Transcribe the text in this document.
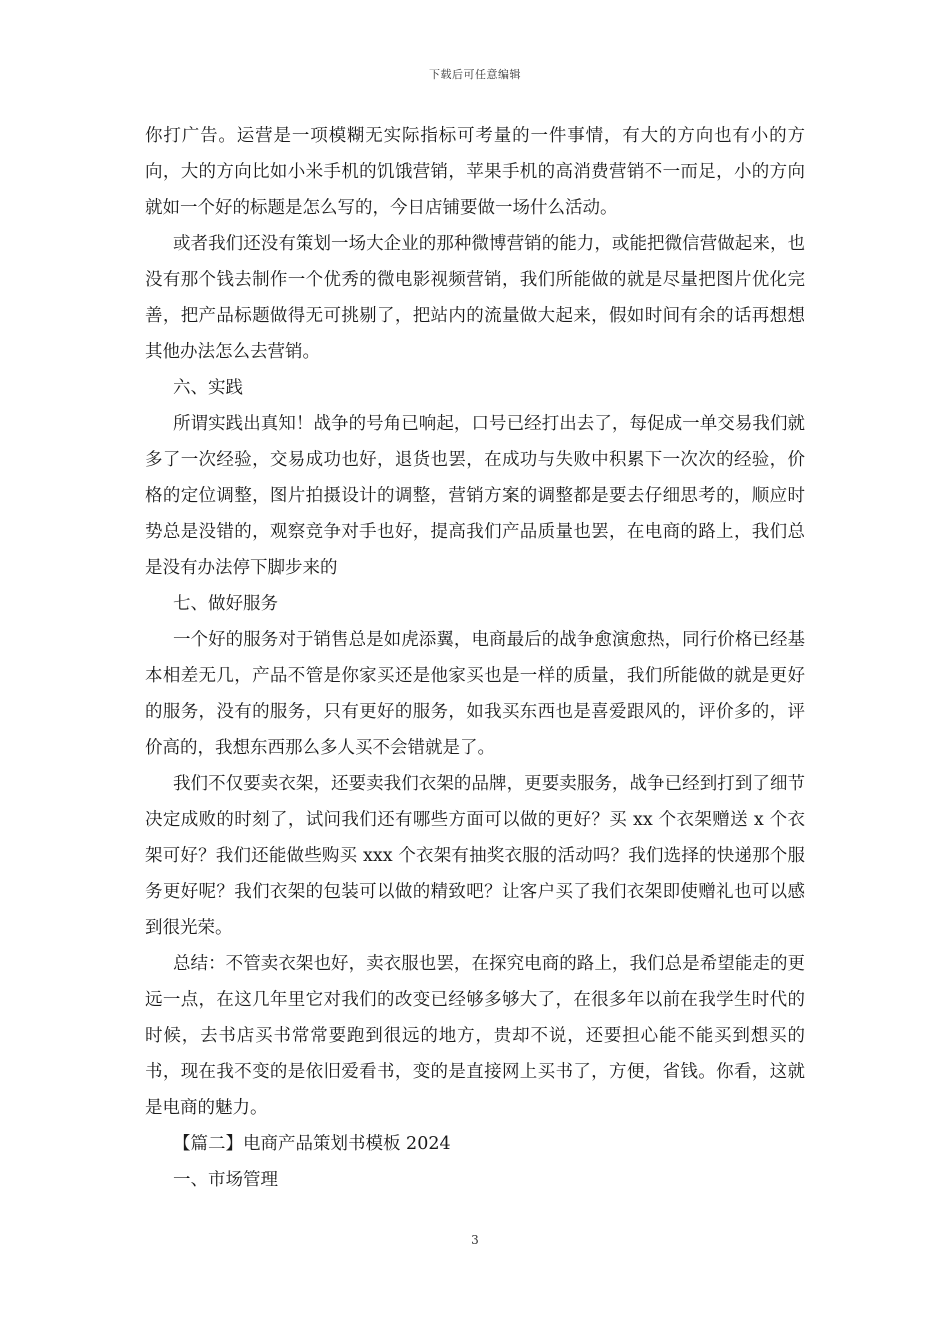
下载后可任意编辑

你打广告。运营是一项模糊无实际指标可考量的一件事情，有大的方向也有小的方向，大的方向比如小米手机的饥饿营销，苹果手机的高消费营销不一而足，小的方向就如一个好的标题是怎么写的，今日店铺要做一场什么活动。

或者我们还没有策划一场大企业的那种微博营销的能力，或能把微信营做起来，也没有那个钱去制作一个优秀的微电影视频营销，我们所能做的就是尽量把图片优化完善，把产品标题做得无可挑剔了，把站内的流量做大起来，假如时间有余的话再想想其他办法怎么去营销。

六、实践

所谓实践出真知！战争的号角已响起，口号已经打出去了，每促成一单交易我们就多了一次经验，交易成功也好，退货也罢，在成功与失败中积累下一次次的经验，价格的定位调整，图片拍摄设计的调整，营销方案的调整都是要去仔细思考的，顺应时势总是没错的，观察竞争对手也好，提高我们产品质量也罢，在电商的路上，我们总是没有办法停下脚步来的

七、做好服务

一个好的服务对于销售总是如虎添翼，电商最后的战争愈演愈热，同行价格已经基本相差无几，产品不管是你家买还是他家买也是一样的质量，我们所能做的就是更好的服务，没有的服务，只有更好的服务，如我买东西也是喜爱跟风的，评价多的，评价高的，我想东西那么多人买不会错就是了。

我们不仅要卖衣架，还要卖我们衣架的品牌，更要卖服务，战争已经到打到了细节决定成败的时刻了，试问我们还有哪些方面可以做的更好？买 xx 个衣架赠送 x 个衣架可好？我们还能做些购买 xxx 个衣架有抽奖衣服的活动吗？我们选择的快递那个服务更好呢？我们衣架的包装可以做的精致吧？让客户买了我们衣架即使赠礼也可以感到很光荣。

总结：不管卖衣架也好，卖衣服也罢，在探究电商的路上，我们总是希望能走的更远一点，在这几年里它对我们的改变已经够多够大了，在很多年以前在我学生时代的时候，去书店买书常常要跑到很远的地方，贵却不说，还要担心能不能买到想买的书，现在我不变的是依旧爱看书，变的是直接网上买书了，方便，省钱。你看，这就是电商的魅力。

【篇二】电商产品策划书模板 2024

一、市场管理

3
